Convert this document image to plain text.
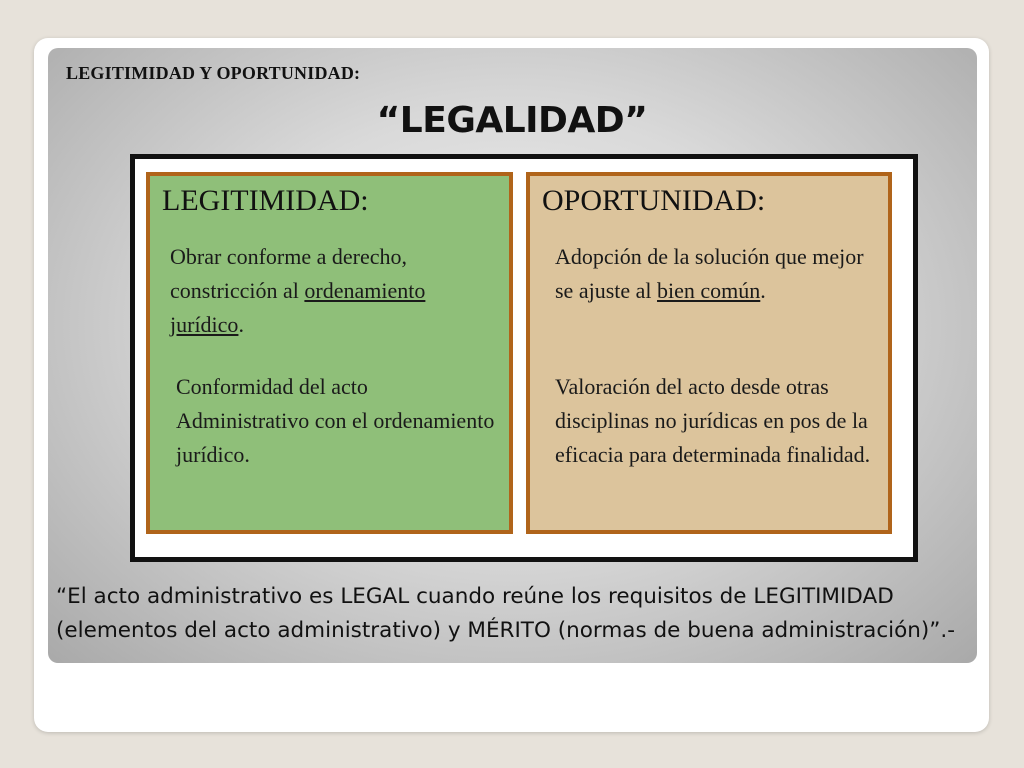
LEGITIMIDAD Y OPORTUNIDAD:
“LEGALIDAD”
LEGITIMIDAD:

Obrar conforme a derecho, constricción al ordenamiento jurídico.

Conformidad del acto Administrativo con el ordenamiento jurídico.

OPORTUNIDAD:

Adopción de la solución que mejor se ajuste al bien común.

Valoración del acto desde otras disciplinas no jurídicas en pos de la eficacia para determinada finalidad.

“El acto administrativo es LEGAL cuando reúne los requisitos de LEGITIMIDAD (elementos del acto administrativo) y MÉRITO (normas de buena administración)”.-
